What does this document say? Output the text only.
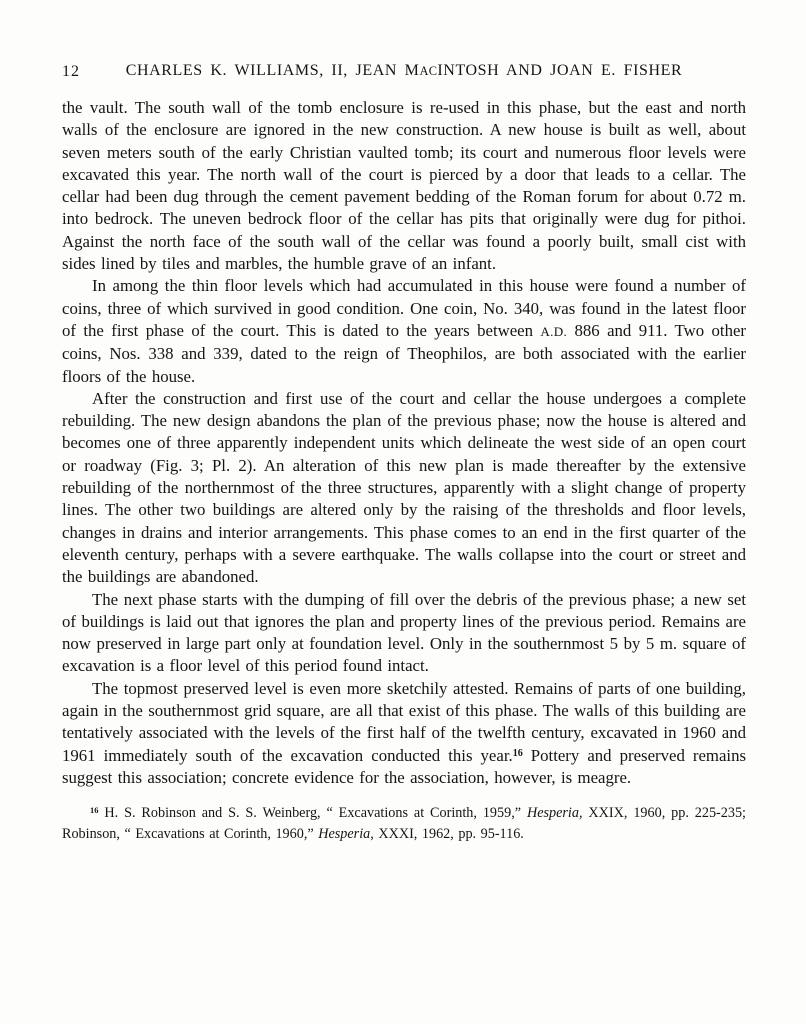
12	CHARLES K. WILLIAMS, II, JEAN MACINTOSH AND JOAN E. FISHER

the vault. The south wall of the tomb enclosure is re-used in this phase, but the east and north walls of the enclosure are ignored in the new construction. A new house is built as well, about seven meters south of the early Christian vaulted tomb; its court and numerous floor levels were excavated this year. The north wall of the court is pierced by a door that leads to a cellar. The cellar had been dug through the cement pavement bedding of the Roman forum for about 0.72 m. into bedrock. The uneven bedrock floor of the cellar has pits that originally were dug for pithoi. Against the north face of the south wall of the cellar was found a poorly built, small cist with sides lined by tiles and marbles, the humble grave of an infant.

In among the thin floor levels which had accumulated in this house were found a number of coins, three of which survived in good condition. One coin, No. 340, was found in the latest floor of the first phase of the court. This is dated to the years between A.D. 886 and 911. Two other coins, Nos. 338 and 339, dated to the reign of Theophilos, are both associated with the earlier floors of the house.

After the construction and first use of the court and cellar the house undergoes a complete rebuilding. The new design abandons the plan of the previous phase; now the house is altered and becomes one of three apparently independent units which delineate the west side of an open court or roadway (Fig. 3; Pl. 2). An alteration of this new plan is made thereafter by the extensive rebuilding of the northernmost of the three structures, apparently with a slight change of property lines. The other two buildings are altered only by the raising of the thresholds and floor levels, changes in drains and interior arrangements. This phase comes to an end in the first quarter of the eleventh century, perhaps with a severe earthquake. The walls collapse into the court or street and the buildings are abandoned.

The next phase starts with the dumping of fill over the debris of the previous phase; a new set of buildings is laid out that ignores the plan and property lines of the previous period. Remains are now preserved in large part only at foundation level. Only in the southernmost 5 by 5 m. square of excavation is a floor level of this period found intact.

The topmost preserved level is even more sketchily attested. Remains of parts of one building, again in the southernmost grid square, are all that exist of this phase. The walls of this building are tentatively associated with the levels of the first half of the twelfth century, excavated in 1960 and 1961 immediately south of the excavation conducted this year.$^{16}$ Pottery and preserved remains suggest this association; concrete evidence for the association, however, is meagre.

$^{16}$ H. S. Robinson and S. S. Weinberg, “ Excavations at Corinth, 1959,” Hesperia, XXIX, 1960, pp. 225-235; Robinson, “ Excavations at Corinth, 1960,” Hesperia, XXXI, 1962, pp. 95-116.
